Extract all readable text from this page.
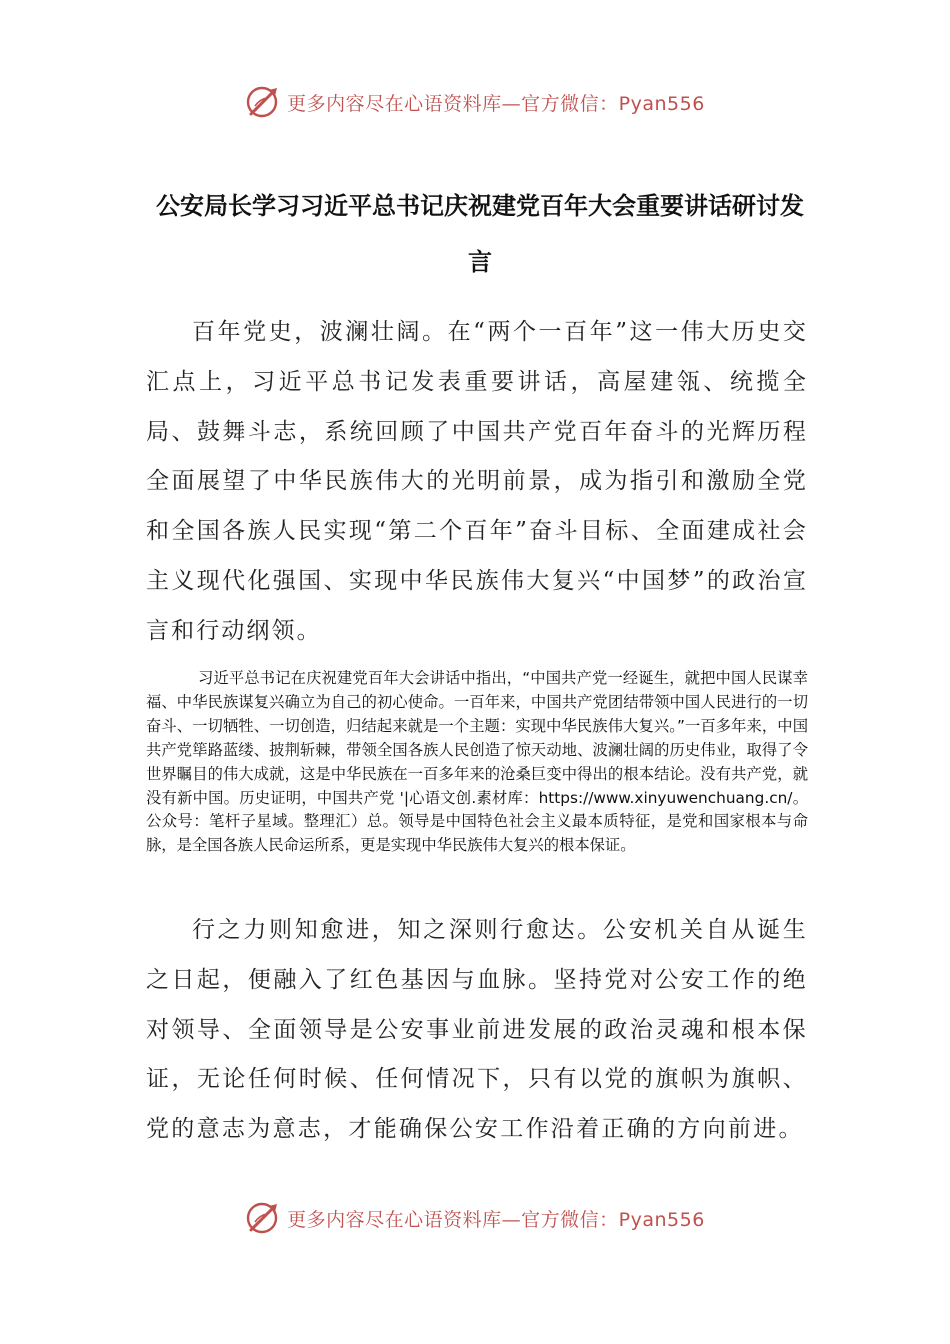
更多内容尽在心语资料库—官方微信：Pyan556
公安局长学习习近平总书记庆祝建党百年大会重要讲话研讨发言

百年党史，波澜壮阔。在“两个一百年”这一伟大历史交汇点上，习近平总书记发表重要讲话，高屋建瓴、统揽全局、鼓舞斗志，系统回顾了中国共产党百年奋斗的光辉历程全面展望了中华民族伟大的光明前景，成为指引和激励全党和全国各族人民实现“第二个百年”奋斗目标、全面建成社会主义现代化强国、实现中华民族伟大复兴“中国梦”的政治宣言和行动纲领。

习近平总书记在庆祝建党百年大会讲话中指出，“中国共产党一经诞生，就把中国人民谋幸福、中华民族谋复兴确立为自己的初心使命。一百年来，中国共产党团结带领中国人民进行的一切奋斗、一切牺牲、一切创造，归结起来就是一个主题：实现中华民族伟大复兴。”一百多年来，中国共产党筚路蓝缕、披荆斩棘，带领全国各族人民创造了惊天动地、波澜壮阔的历史伟业，取得了令世界瞩目的伟大成就，这是中华民族在一百多年来的沧桑巨变中得出的根本结论。没有共产党，就没有新中国。历史证明，中国共产党 '|心语文创.素材库：https://www.xinyuwenchuang.cn/。公众号：笔杆子星域。整理汇）总。领导是中国特色社会主义最本质特征，是党和国家根本与命脉，是全国各族人民命运所系，更是实现中华民族伟大复兴的根本保证。

行之力则知愈进，知之深则行愈达。公安机关自从诞生之日起，便融入了红色基因与血脉。坚持党对公安工作的绝对领导、全面领导是公安事业前进发展的政治灵魂和根本保证，无论任何时候、任何情况下，只有以党的旗帜为旗帜、党的意志为意志，才能确保公安工作沿着正确的方向前进。

更多内容尽在心语资料库—官方微信：Pyan556
